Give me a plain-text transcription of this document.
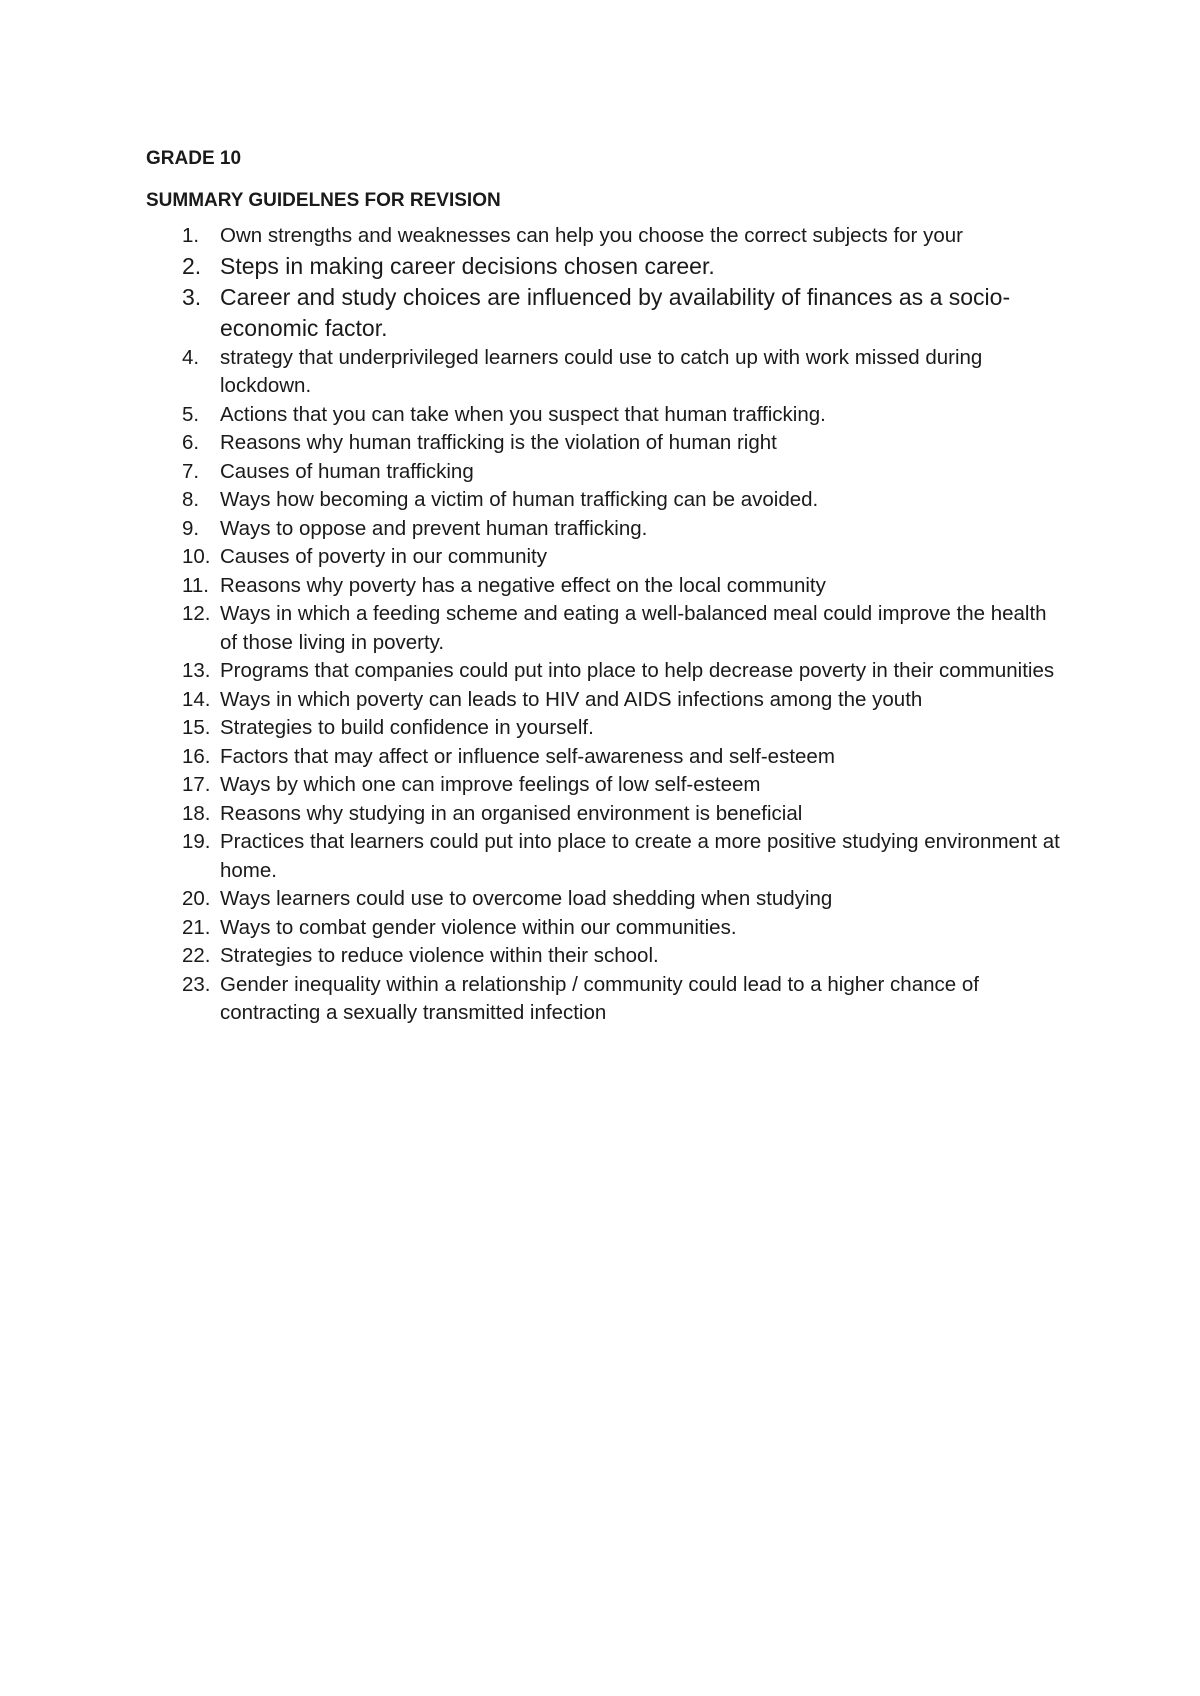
GRADE 10

SUMMARY GUIDELNES FOR REVISION

1.	Own strengths and weaknesses can help you choose the correct subjects for your
2. Steps in making career decisions chosen career.
3. Career and study choices are influenced by availability of finances as a socio-economic factor.
4.	strategy that underprivileged learners could use to catch up with work missed during lockdown.
5.	Actions that you can take when you suspect that human trafficking.
6.	Reasons why human trafficking is the violation of human right
7.	Causes of human trafficking
8.	Ways how becoming a victim of human trafficking can be avoided.
9.	Ways to oppose and prevent human trafficking.
10. Causes of poverty in our community
11. Reasons why poverty has a negative effect on the local community
12. Ways in which a feeding scheme and eating a well-balanced meal could improve the health of those living in poverty.
13. Programs that companies could put into place to help decrease poverty in their communities
14. Ways in which poverty can leads to HIV and AIDS infections among the youth
15. Strategies to build confidence in yourself.
16. Factors that may affect or influence self-awareness and self-esteem
17. Ways by which one can improve feelings of low self-esteem
18. Reasons why studying in an organised environment is beneficial
19. Practices that learners could put into place to create a more positive studying environment at home.
20. Ways learners could use to overcome load shedding when studying
21. Ways to combat gender violence within our communities.
22. Strategies to reduce violence within their school.
23. Gender inequality within a relationship / community could lead to a higher chance of contracting a sexually transmitted infection
